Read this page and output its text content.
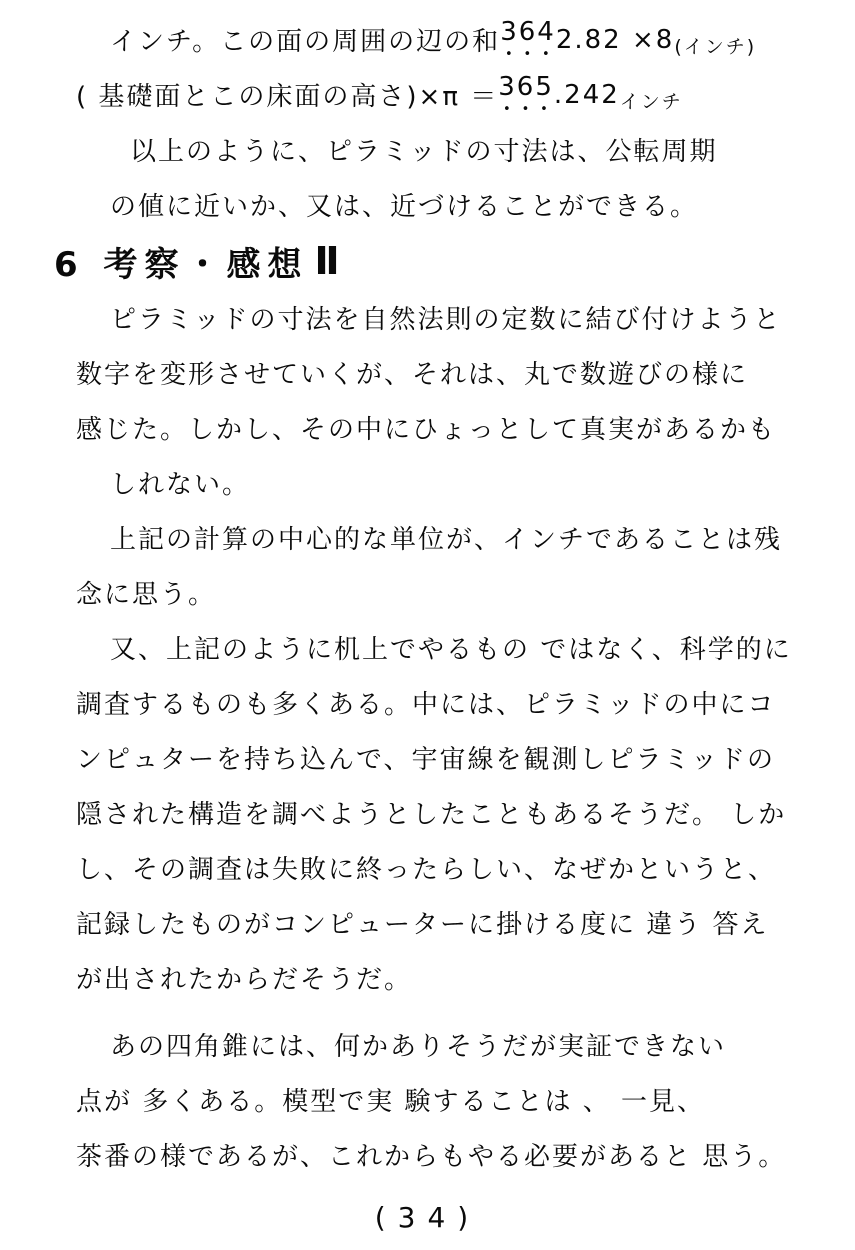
インチ。この面の周囲の辺の和 364 2.82 ×8 (インチ)
( 基礎面とこの床面の高さ)×π ＝ 365 .242 インチ
以上のように、ピラミッドの寸法は、公転周期
の値に近いか、又は、近づけることができる。
6 考察・感想 Ⅱ
ピラミッドの寸法を自然法則の定数に結び付けようと
数字を変形させていくが、それは、丸で数遊びの様に
感じた。しかし、その中にひょっとして真実があるかも
しれない。
上記の計算の中心的な単位が、インチであることは残
念に思う。
又、上記のように机上でやるもの ではなく、科学的に
調査するものも多くある。中には、ピラミッドの中にコ
ンピュターを持ち込んで、宇宙線を観測しピラミッドの
隠された構造を調べようとしたこともあるそうだ。 しか
し、その調査は失敗に終ったらしい、なぜかというと、
記録したものがコンピューターに掛ける度に 違う 答え
が出されたからだそうだ。
あの四角錐には、何かありそうだが実証できない
点が 多くある。模型で実 験することは 、 一見、
茶番の様であるが、これからもやる必要があると 思う。
(34)
